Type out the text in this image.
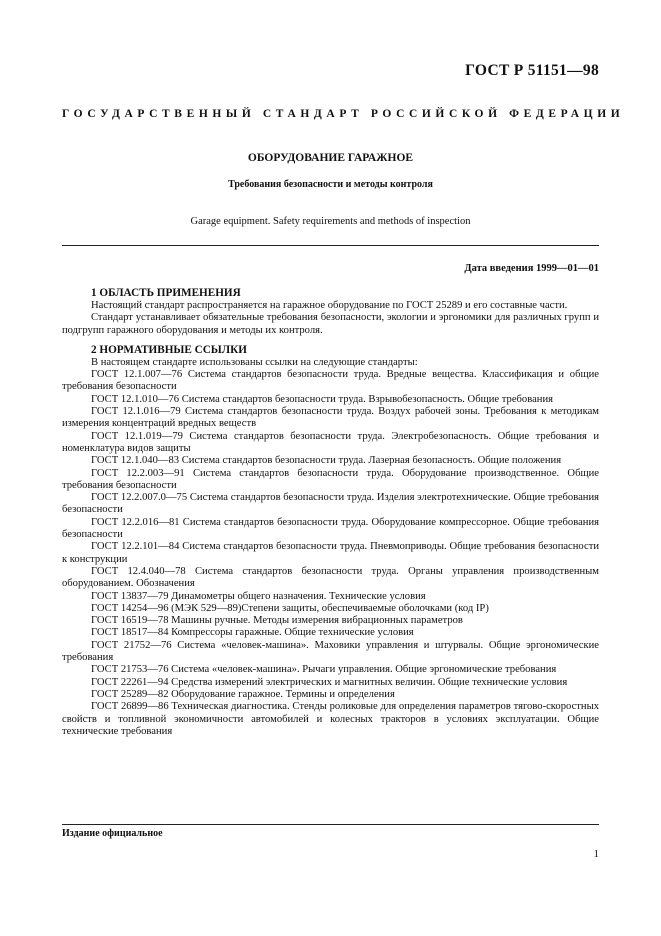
ГОСТ Р 51151—98
ГОСУДАРСТВЕННЫЙ СТАНДАРТ РОССИЙСКОЙ ФЕДЕРАЦИИ
ОБОРУДОВАНИЕ ГАРАЖНОЕ
Требования безопасности и методы контроля
Garage equipment. Safety requirements and methods of inspection
Дата введения 1999—01—01
1 ОБЛАСТЬ ПРИМЕНЕНИЯ

Настоящий стандарт распространяется на гаражное оборудование по ГОСТ 25289 и его составные части.

Стандарт устанавливает обязательные требования безопасности, экологии и эргономики для различных групп и подгрупп гаражного оборудования и методы их контроля.

2 НОРМАТИВНЫЕ ССЫЛКИ

В настоящем стандарте использованы ссылки на следующие стандарты:

ГОСТ 12.1.007—76 Система стандартов безопасности труда. Вредные вещества. Классификация и общие требования безопасности

ГОСТ 12.1.010—76 Система стандартов безопасности труда. Взрывобезопасность. Общие требования

ГОСТ 12.1.016—79 Система стандартов безопасности труда. Воздух рабочей зоны. Требования к методикам измерения концентраций вредных веществ

ГОСТ 12.1.019—79 Система стандартов безопасности труда. Электробезопасность. Общие требования и номенклатура видов защиты

ГОСТ 12.1.040—83 Система стандартов безопасности труда. Лазерная безопасность. Общие положения

ГОСТ 12.2.003—91 Система стандартов безопасности труда. Оборудование производственное. Общие требования безопасности

ГОСТ 12.2.007.0—75 Система стандартов безопасности труда. Изделия электротехнические. Общие требования безопасности

ГОСТ 12.2.016—81 Система стандартов безопасности труда. Оборудование компрессорное. Общие требования безопасности

ГОСТ 12.2.101—84 Система стандартов безопасности труда. Пневмоприводы. Общие требования безопасности к конструкции

ГОСТ 12.4.040—78 Система стандартов безопасности труда. Органы управления производственным оборудованием. Обозначения

ГОСТ 13837—79 Динамометры общего назначения. Технические условия

ГОСТ 14254—96 (МЭК 529—89)Степени защиты, обеспечиваемые оболочками (код IP)

ГОСТ 16519—78 Машины ручные. Методы измерения вибрационных параметров

ГОСТ 18517—84 Компрессоры гаражные. Общие технические условия

ГОСТ 21752—76 Система «человек-машина». Маховики управления и штурвалы. Общие эргономические требования

ГОСТ 21753—76 Система «человек-машина». Рычаги управления. Общие эргономические требования

ГОСТ 22261—94 Средства измерений электрических и магнитных величин. Общие технические условия

ГОСТ 25289—82 Оборудование гаражное. Термины и определения

ГОСТ 26899—86 Техническая диагностика. Стенды роликовые для определения параметров тягово-скоростных свойств и топливной экономичности автомобилей и колесных тракторов в условиях эксплуатации. Общие технические требования

Издание официальное
1
